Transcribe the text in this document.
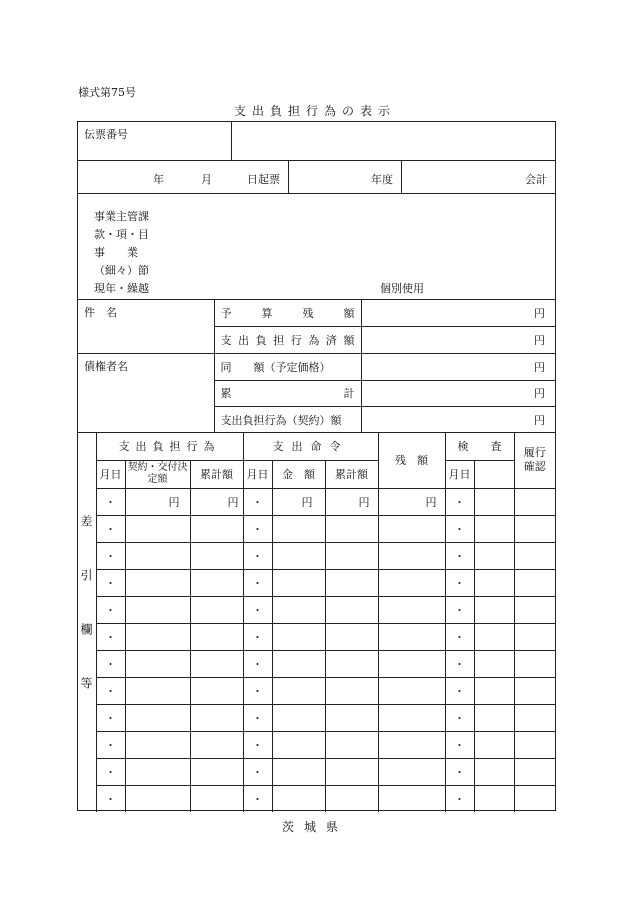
様式第75号
支出負担行為の表示
伝票番号
年	月	日起票	年度	会計
事業主管課
款・項・目
事　　業
（細々）節
現年・繰越	個別使用
件　名	予　算　残　額	円

	支出負担行為済額	円

債権者名	同　　額（予定価格）	円

	累　　　　　計	円

	支出負担行為（契約）額	円
差引欄等	支出負担行為			支出命令			残　額	検　　査		履行確認

	月日	契約・交付決定額	累計額	月日	金　額	累計額		月日		
	・	円	円	・	円	円	円	・		
	・			・				・		
	・			・				・		
	・			・				・		
	・			・				・		
	・			・				・		
	・			・				・		
	・			・				・		
	・			・				・		
	・			・				・		
	・			・				・		
	・			・				・		
茨城県
